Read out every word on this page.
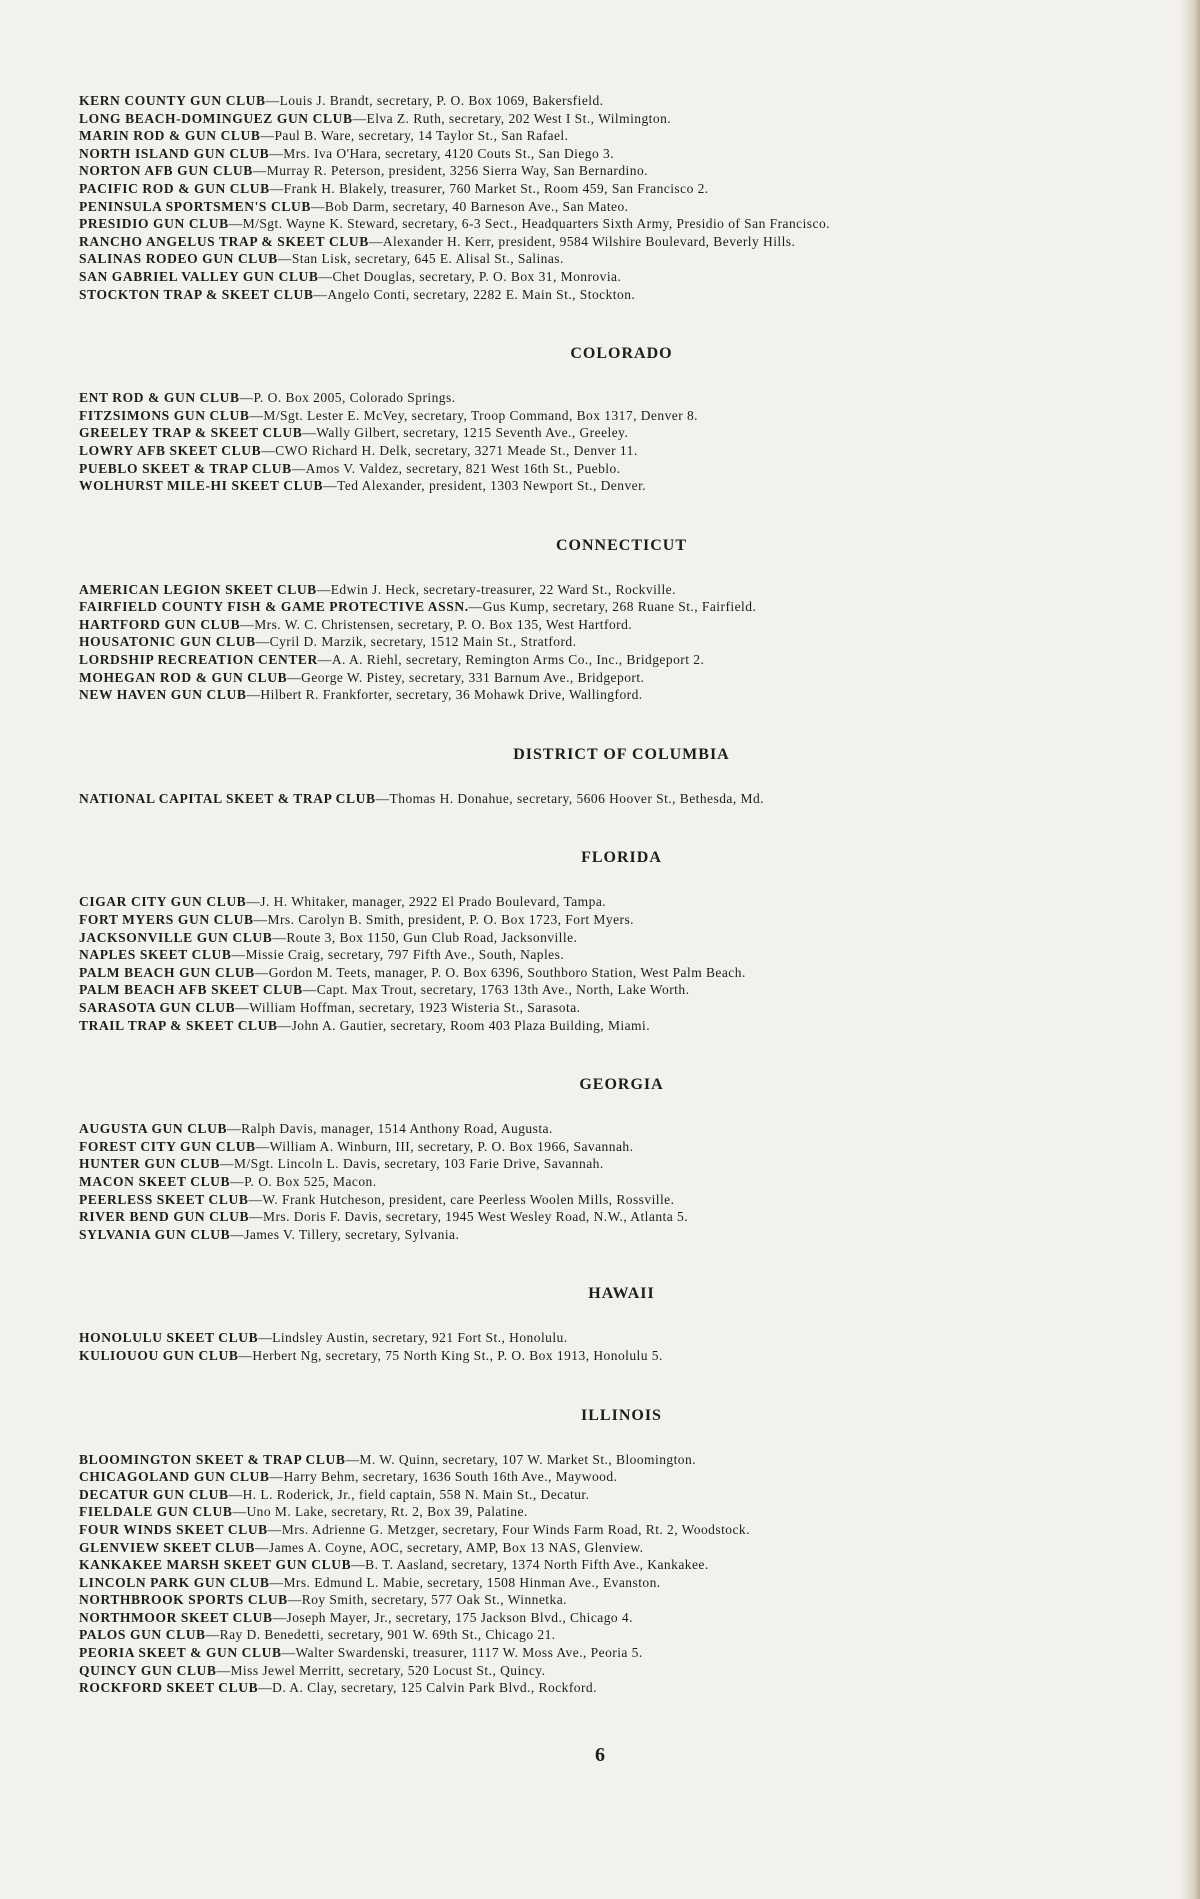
KERN COUNTY GUN CLUB—Louis J. Brandt, secretary, P. O. Box 1069, Bakersfield.

LONG BEACH-DOMINGUEZ GUN CLUB—Elva Z. Ruth, secretary, 202 West I St., Wilmington.

MARIN ROD & GUN CLUB—Paul B. Ware, secretary, 14 Taylor St., San Rafael.

NORTH ISLAND GUN CLUB—Mrs. Iva O'Hara, secretary, 4120 Couts St., San Diego 3.

NORTON AFB GUN CLUB—Murray R. Peterson, president, 3256 Sierra Way, San Bernardino.

PACIFIC ROD & GUN CLUB—Frank H. Blakely, treasurer, 760 Market St., Room 459, San Francisco 2.

PENINSULA SPORTSMEN'S CLUB—Bob Darm, secretary, 40 Barneson Ave., San Mateo.

PRESIDIO GUN CLUB—M/Sgt. Wayne K. Steward, secretary, 6-3 Sect., Headquarters Sixth Army, Presidio of San Francisco.

RANCHO ANGELUS TRAP & SKEET CLUB—Alexander H. Kerr, president, 9584 Wilshire Boulevard, Beverly Hills.

SALINAS RODEO GUN CLUB—Stan Lisk, secretary, 645 E. Alisal St., Salinas.

SAN GABRIEL VALLEY GUN CLUB—Chet Douglas, secretary, P. O. Box 31, Monrovia.

STOCKTON TRAP & SKEET CLUB—Angelo Conti, secretary, 2282 E. Main St., Stockton.

COLORADO

ENT ROD & GUN CLUB—P. O. Box 2005, Colorado Springs.

FITZSIMONS GUN CLUB—M/Sgt. Lester E. McVey, secretary, Troop Command, Box 1317, Denver 8.

GREELEY TRAP & SKEET CLUB—Wally Gilbert, secretary, 1215 Seventh Ave., Greeley.

LOWRY AFB SKEET CLUB—CWO Richard H. Delk, secretary, 3271 Meade St., Denver 11.

PUEBLO SKEET & TRAP CLUB—Amos V. Valdez, secretary, 821 West 16th St., Pueblo.

WOLHURST MILE-HI SKEET CLUB—Ted Alexander, president, 1303 Newport St., Denver.

CONNECTICUT

AMERICAN LEGION SKEET CLUB—Edwin J. Heck, secretary-treasurer, 22 Ward St., Rockville.

FAIRFIELD COUNTY FISH & GAME PROTECTIVE ASSN.—Gus Kump, secretary, 268 Ruane St., Fairfield.

HARTFORD GUN CLUB—Mrs. W. C. Christensen, secretary, P. O. Box 135, West Hartford.

HOUSATONIC GUN CLUB—Cyril D. Marzik, secretary, 1512 Main St., Stratford.

LORDSHIP RECREATION CENTER—A. A. Riehl, secretary, Remington Arms Co., Inc., Bridgeport 2.

MOHEGAN ROD & GUN CLUB—George W. Pistey, secretary, 331 Barnum Ave., Bridgeport.

NEW HAVEN GUN CLUB—Hilbert R. Frankforter, secretary, 36 Mohawk Drive, Wallingford.

DISTRICT OF COLUMBIA

NATIONAL CAPITAL SKEET & TRAP CLUB—Thomas H. Donahue, secretary, 5606 Hoover St., Bethesda, Md.

FLORIDA

CIGAR CITY GUN CLUB—J. H. Whitaker, manager, 2922 El Prado Boulevard, Tampa.

FORT MYERS GUN CLUB—Mrs. Carolyn B. Smith, president, P. O. Box 1723, Fort Myers.

JACKSONVILLE GUN CLUB—Route 3, Box 1150, Gun Club Road, Jacksonville.

NAPLES SKEET CLUB—Missie Craig, secretary, 797 Fifth Ave., South, Naples.

PALM BEACH GUN CLUB—Gordon M. Teets, manager, P. O. Box 6396, Southboro Station, West Palm Beach.

PALM BEACH AFB SKEET CLUB—Capt. Max Trout, secretary, 1763 13th Ave., North, Lake Worth.

SARASOTA GUN CLUB—William Hoffman, secretary, 1923 Wisteria St., Sarasota.

TRAIL TRAP & SKEET CLUB—John A. Gautier, secretary, Room 403 Plaza Building, Miami.

GEORGIA

AUGUSTA GUN CLUB—Ralph Davis, manager, 1514 Anthony Road, Augusta.

FOREST CITY GUN CLUB—William A. Winburn, III, secretary, P. O. Box 1966, Savannah.

HUNTER GUN CLUB—M/Sgt. Lincoln L. Davis, secretary, 103 Farie Drive, Savannah.

MACON SKEET CLUB—P. O. Box 525, Macon.

PEERLESS SKEET CLUB—W. Frank Hutcheson, president, care Peerless Woolen Mills, Rossville.

RIVER BEND GUN CLUB—Mrs. Doris F. Davis, secretary, 1945 West Wesley Road, N.W., Atlanta 5.

SYLVANIA GUN CLUB—James V. Tillery, secretary, Sylvania.

HAWAII

HONOLULU SKEET CLUB—Lindsley Austin, secretary, 921 Fort St., Honolulu.

KULIOUOU GUN CLUB—Herbert Ng, secretary, 75 North King St., P. O. Box 1913, Honolulu 5.

ILLINOIS

BLOOMINGTON SKEET & TRAP CLUB—M. W. Quinn, secretary, 107 W. Market St., Bloomington.

CHICAGOLAND GUN CLUB—Harry Behm, secretary, 1636 South 16th Ave., Maywood.

DECATUR GUN CLUB—H. L. Roderick, Jr., field captain, 558 N. Main St., Decatur.

FIELDALE GUN CLUB—Uno M. Lake, secretary, Rt. 2, Box 39, Palatine.

FOUR WINDS SKEET CLUB—Mrs. Adrienne G. Metzger, secretary, Four Winds Farm Road, Rt. 2, Woodstock.

GLENVIEW SKEET CLUB—James A. Coyne, AOC, secretary, AMP, Box 13 NAS, Glenview.

KANKAKEE MARSH SKEET GUN CLUB—B. T. Aasland, secretary, 1374 North Fifth Ave., Kankakee.

LINCOLN PARK GUN CLUB—Mrs. Edmund L. Mabie, secretary, 1508 Hinman Ave., Evanston.

NORTHBROOK SPORTS CLUB—Roy Smith, secretary, 577 Oak St., Winnetka.

NORTHMOOR SKEET CLUB—Joseph Mayer, Jr., secretary, 175 Jackson Blvd., Chicago 4.

PALOS GUN CLUB—Ray D. Benedetti, secretary, 901 W. 69th St., Chicago 21.

PEORIA SKEET & GUN CLUB—Walter Swardenski, treasurer, 1117 W. Moss Ave., Peoria 5.

QUINCY GUN CLUB—Miss Jewel Merritt, secretary, 520 Locust St., Quincy.

ROCKFORD SKEET CLUB—D. A. Clay, secretary, 125 Calvin Park Blvd., Rockford.

6
